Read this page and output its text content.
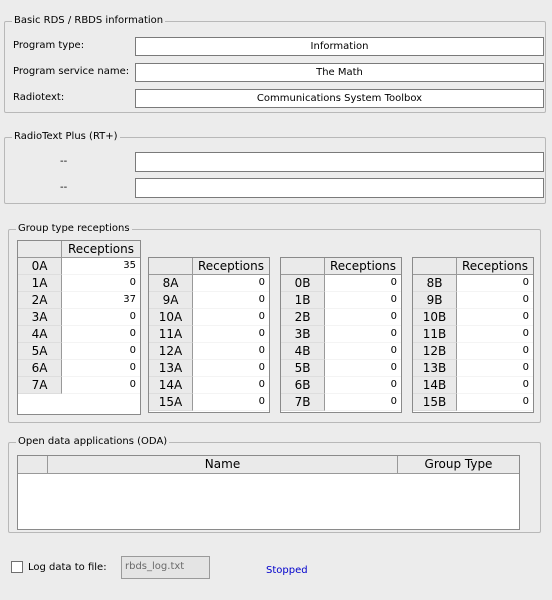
Basic RDS / RBDS information
Program type:	Information
Program service name:	The Math
Radiotext:	Communications System Toolbox
RadioText Plus (RT+)
--
--
Group type receptions
Receptions
0A	35
1A	0
2A	37
3A	0
4A	0
5A	0
6A	0
7A	0
Receptions
8A	0
9A	0
10A	0
11A	0
12A	0
13A	0
14A	0
15A	0
Receptions
0B	0
1B	0
2B	0
3B	0
4B	0
5B	0
6B	0
7B	0
Receptions
8B	0
9B	0
10B	0
11B	0
12B	0
13B	0
14B	0
15B	0
Open data applications (ODA)
Name	Group Type
Log data to file:	rbds_log.txt	Stopped
